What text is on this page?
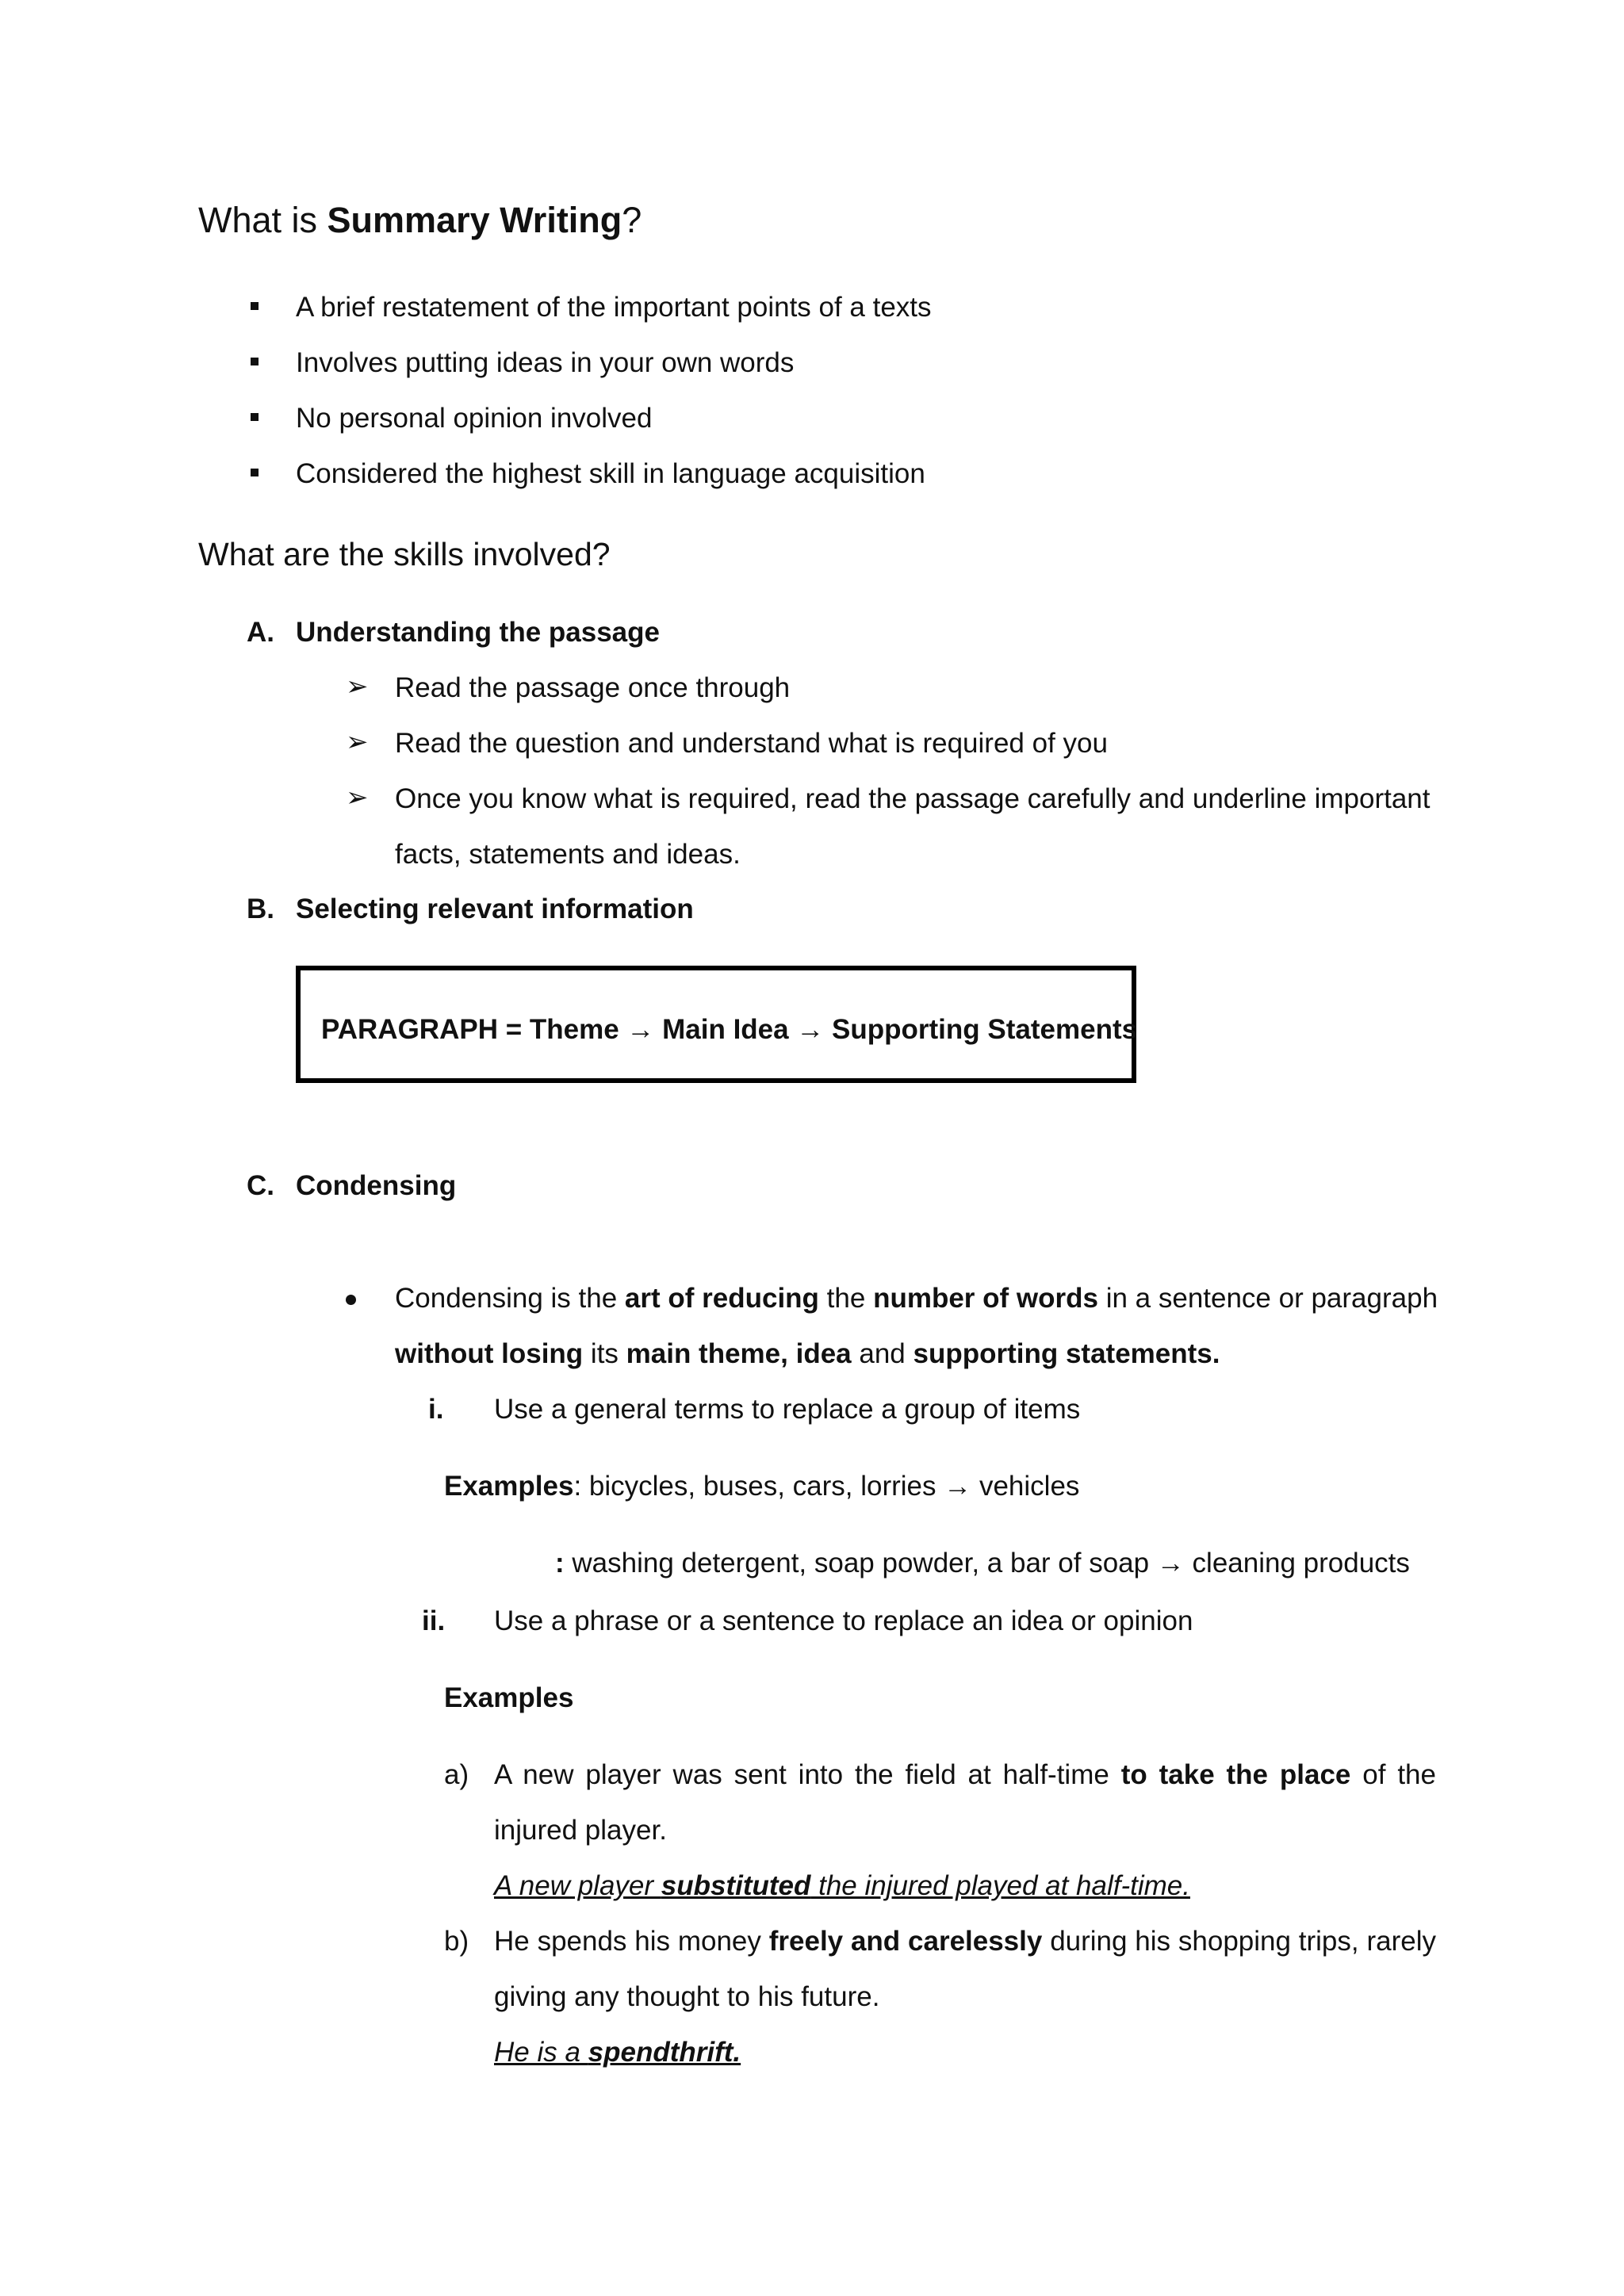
What is Summary Writing?
A brief restatement of the important points of a texts
Involves putting ideas in your own words
No personal opinion involved
Considered the highest skill in language acquisition
What are the skills involved?
A. Understanding the passage
➢ Read the passage once through
➢ Read the question and understand what is required of you
➢ Once you know what is required, read the passage carefully and underline important
facts, statements and ideas.
B. Selecting relevant information
PARAGRAPH = Theme → Main Idea → Supporting Statements
C. Condensing
Condensing is the art of reducing the number of words in a sentence or paragraph
without losing its main theme, idea and supporting statements.
i. Use a general terms to replace a group of items
Examples: bicycles, buses, cars, lorries → vehicles
: washing detergent, soap powder, a bar of soap → cleaning products
ii. Use a phrase or a sentence to replace an idea or opinion
Examples
a) A new player was sent into the field at half-time to take the place of the
injured player.
A new player substituted the injured played at half-time.
b) He spends his money freely and carelessly during his shopping trips, rarely
giving any thought to his future.
He is a spendthrift.
